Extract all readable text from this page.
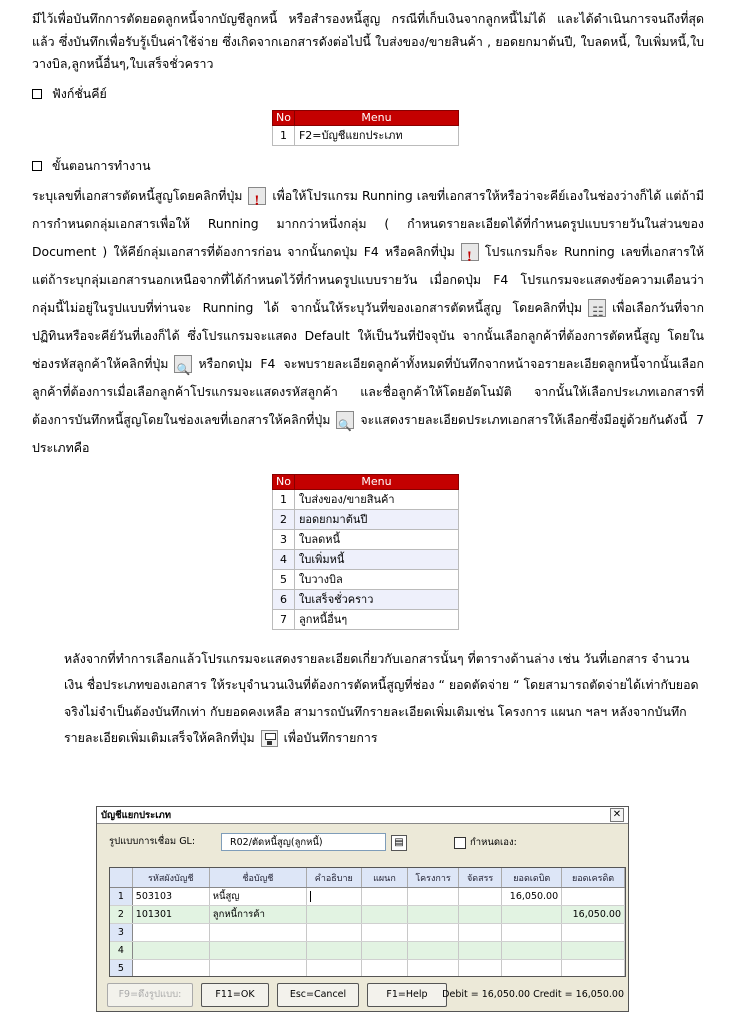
มีไว้เพื่อบันทึกการตัดยอดลูกหนี้จากบัญชีลูกหนี้ หรือสำรองหนี้สูญ กรณีที่เก็บเงินจากลูกหนี้ไม่ได้ และได้ดำเนินการจนถึงที่สุดแล้ว ซึ่งบันทึกเพื่อรับรู้เป็นค่าใช้จ่าย ซึ่งเกิดจากเอกสารดังต่อไปนี้ ใบส่งของ/ขายสินค้า , ยอดยกมาต้นปี, ใบลดหนี้, ใบเพิ่มหนี้,ใบวางบิล,ลูกหนี้อื่นๆ,ใบเสร็จชั่วคราว

ฟังก์ชั่นคีย์
No	Menu
1	F2=บัญชีแยกประเภท
ขั้นตอนการทำงาน

ระบุเลขที่เอกสารตัดหนี้สูญโดยคลิกที่ปุ่ม ! เพื่อให้โปรแกรม Running เลขที่เอกสารให้หรือว่าจะคีย์เองในช่องว่างก็ได้ แต่ถ้ามีการกำหนดกลุ่มเอกสารเพื่อให้ Running มากกว่าหนึ่งกลุ่ม ( กำหนดรายละเอียดได้ที่กำหนดรูปแบบรายวันในส่วนของ Document ) ให้คีย์กลุ่มเอกสารที่ต้องการก่อน จากนั้นกดปุ่ม F4 หรือคลิกที่ปุ่ม ! โปรแกรมก็จะ Running เลขที่เอกสารให้ แต่ถ้าระบุกลุ่มเอกสารนอกเหนือจากที่ได้กำหนดไว้ที่กำหนดรูปแบบรายวัน เมื่อกดปุ่ม F4 โปรแกรมจะแสดงข้อความเตือนว่า กลุ่มนี้ไม่อยู่ในรูปแบบที่ท่านจะ Running ได้ จากนั้นให้ระบุวันที่ของเอกสารตัดหนี้สูญ โดยคลิกที่ปุ่ม ☷ เพื่อเลือกวันที่จากปฏิทินหรือจะคีย์วันที่เองก็ได้ ซึ่งโปรแกรมจะแสดง Default ให้เป็นวันที่ปัจจุบัน จากนั้นเลือกลูกค้าที่ต้องการตัดหนี้สูญ โดยในช่องรหัสลูกค้าให้คลิกที่ปุ่ม 🔍 หรือกดปุ่ม F4 จะพบรายละเอียดลูกค้าทั้งหมดที่บันทึกจากหน้าจอรายละเอียดลูกหนี้จากนั้นเลือกลูกค้าที่ต้องการเมื่อเลือกลูกค้าโปรแกรมจะแสดงรหัสลูกค้า และชื่อลูกค้าให้โดยอัตโนมัติ จากนั้นให้เลือกประเภทเอกสารที่ต้องการบันทึกหนี้สูญโดยในช่องเลขที่เอกสารให้คลิกที่ปุ่ม 🔍 จะแสดงรายละเอียดประเภทเอกสารให้เลือกซึ่งมีอยู่ด้วยกันดังนี้ 7 ประเภทคือ

No	Menu
1	ใบส่งของ/ขายสินค้า
2	ยอดยกมาต้นปี
3	ใบลดหนี้
4	ใบเพิ่มหนี้
5	ใบวางบิล
6	ใบเสร็จชั่วคราว
7	ลูกหนี้อื่นๆ

หลังจากที่ทำการเลือกแล้วโปรแกรมจะแสดงรายละเอียดเกี่ยวกับเอกสารนั้นๆ ที่ตารางด้านล่าง เช่น วันที่เอกสาร จำนวนเงิน ชื่อประเภทของเอกสาร ให้ระบุจำนวนเงินที่ต้องการตัดหนี้สูญที่ช่อง “ ยอดตัดจ่าย “ โดยสามารถตัดจ่ายได้เท่ากับยอดจริงไม่จำเป็นต้องบันทึกเท่า กับยอดคงเหลือ สามารถบันทึกรายละเอียดเพิ่มเติมเช่น โครงการ แผนก ฯลฯ หลังจากบันทึกรายละเอียดเพิ่มเติมเสร็จให้คลิกที่ปุ่ม เพื่อบันทึกรายการ

บัญชีแยกประเภท	✕
รูปแบบการเชื่อม GL:	R02/ตัดหนี้สูญ(ลูกหนี้)	▤	กำหนดเอง:
	รหัสผังบัญชี	ชื่อบัญชี	คำอธิบาย	แผนก	โครงการ	จัดสรร	ยอดเดบิต	ยอดเครดิต
1	503103	หนี้สูญ					16,050.00	
2	101301	ลูกหนี้การค้า						16,050.00
3								
4								
5								
F9=ดึงรูปแบบ:	F11=OK	Esc=Cancel	F1=Help	Debit = 16,050.00 Credit = 16,050.00
